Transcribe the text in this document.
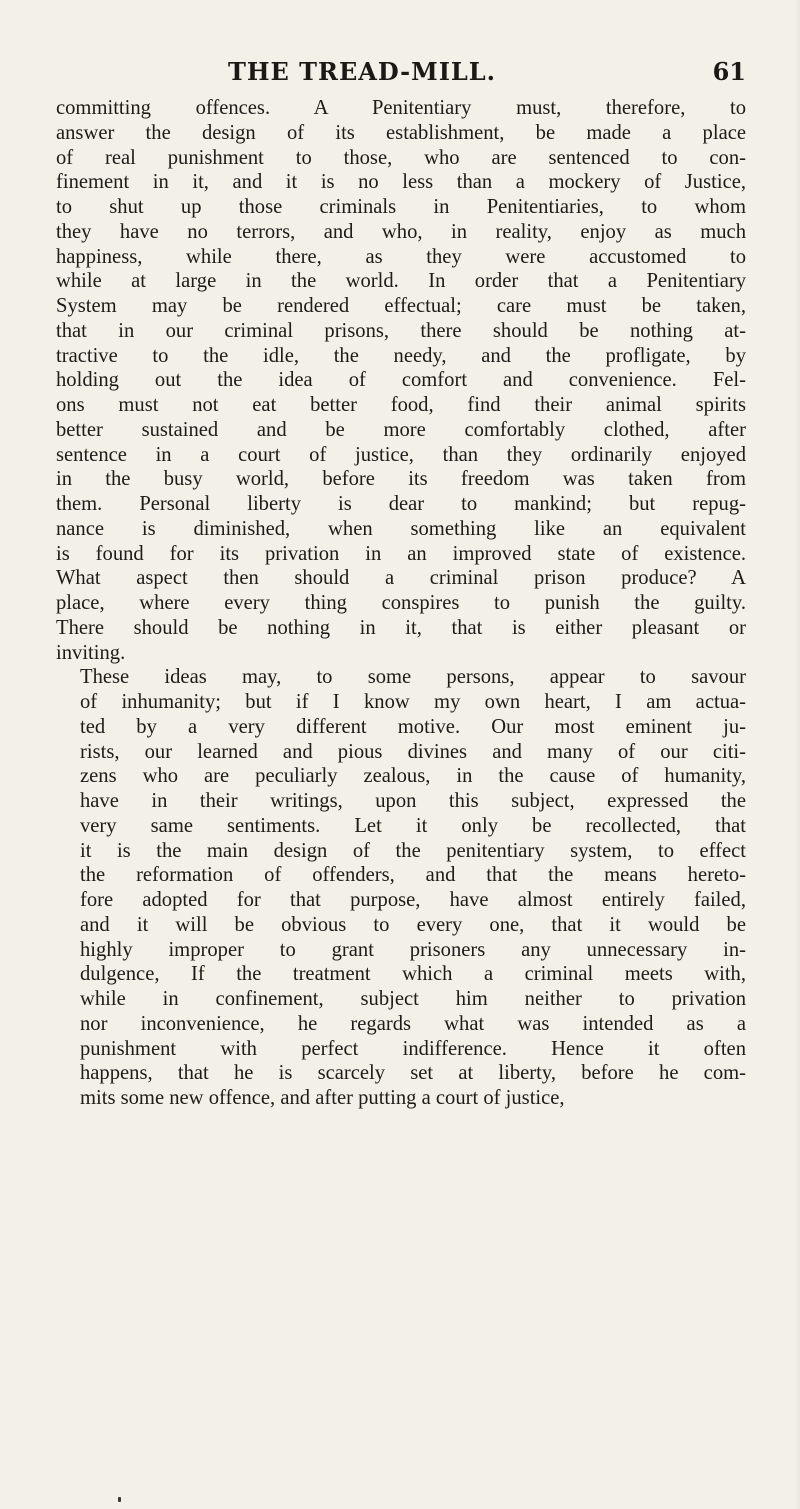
THE TREAD-MILL.	61
committing offences. A Penitentiary must, therefore, to
answer the design of its establishment, be made a place
of real punishment to those, who are sentenced to con-
finement in it, and it is no less than a mockery of Justice,
to shut up those criminals in Penitentiaries, to whom
they have no terrors, and who, in reality, enjoy as much
happiness, while there, as they were accustomed to
while at large in the world. In order that a Penitentiary
System may be rendered effectual; care must be taken,
that in our criminal prisons, there should be nothing at-
tractive to the idle, the needy, and the profligate, by
holding out the idea of comfort and convenience. Fel-
ons must not eat better food, find their animal spirits
better sustained and be more comfortably clothed, after
sentence in a court of justice, than they ordinarily enjoyed
in the busy world, before its freedom was taken from
them. Personal liberty is dear to mankind; but repug-
nance is diminished, when something like an equivalent
is found for its privation in an improved state of existence.
What aspect then should a criminal prison produce? A
place, where every thing conspires to punish the guilty.
There should be nothing in it, that is either pleasant or
inviting.
These ideas may, to some persons, appear to savour
of inhumanity; but if I know my own heart, I am actua-
ted by a very different motive. Our most eminent ju-
rists, our learned and pious divines and many of our citi-
zens who are peculiarly zealous, in the cause of humanity,
have in their writings, upon this subject, expressed the
very same sentiments. Let it only be recollected, that
it is the main design of the penitentiary system, to effect
the reformation of offenders, and that the means hereto-
fore adopted for that purpose, have almost entirely failed,
and it will be obvious to every one, that it would be
highly improper to grant prisoners any unnecessary in-
dulgence, If the treatment which a criminal meets with,
while in confinement, subject him neither to privation
nor inconvenience, he regards what was intended as a
punishment with perfect indifference. Hence it often
happens, that he is scarcely set at liberty, before he com-
mits some new offence, and after putting a court of justice,
